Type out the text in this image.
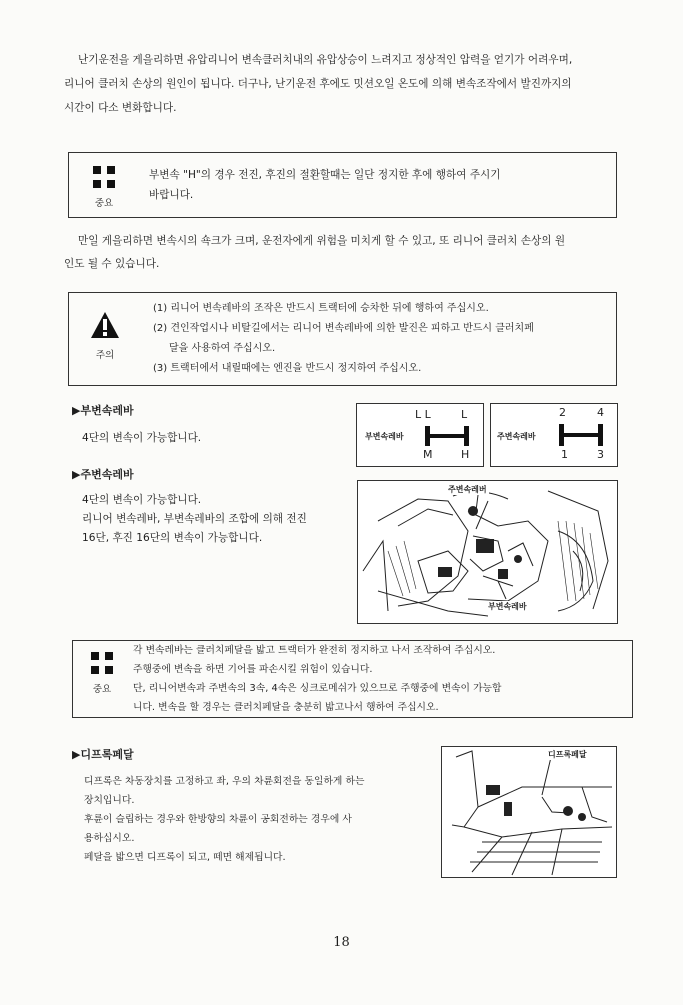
난기운전을 게을리하면 유압리니어 변속클러치내의 유압상승이 느려지고 정상적인 압력을 얻기가 어려우며,

리니어 클러치 손상의 원인이 됩니다. 더구나, 난기운전 후에도 밋션오일 온도에 의해 변속조작에서 발진까지의

시간이 다소 변화합니다.

중요

부변속 "H"의 경우 전진, 후진의 절환할때는 일단 정지한 후에 행하여 주시기

바랍니다.

만일 게을리하면 변속시의 쇽크가 크며, 운전자에게 위험을 미치게 할 수 있고, 또 리니어 클러치 손상의 원

인도 될 수 있습니다.

주의

(1) 리니어 변속레바의 조작은 반드시 트랙터에 승차한 뒤에 행하여 주십시오.

(2) 견인작업시나 비탈길에서는 리니어 변속레바에 의한 발진은 피하고 반드시 클러치페

달을 사용하여 주십시오.

(3) 트랙터에서 내릴때에는 엔진을 반드시 정지하여 주십시오.

▶부변속레바

4단의 변속이 가능합니다.

L L	L
부변속레바
M	H
2	4
주변속레바
1	3
▶주변속레바

4단의 변속이 가능합니다.

리니어 변속레바, 부변속레바의 조합에 의해 전진

16단, 후진 16단의 변속이 가능합니다.

주변속레버
부변속레바
중요

각 변속레바는 클러치페달을 밟고 트랙터가 완전히 정지하고 나서 조작하여 주십시오.

주행중에 변속을 하면 기어를 파손시킬 위험이 있습니다.

단, 리니어변속과 주변속의 3속, 4속은 싱크로메쉬가 있으므로 주행중에 변속이 가능합

니다. 변속을 할 경우는 클러치페달을 충분히 밟고나서 행하여 주십시오.

▶디프록페달

디프록은 차동장치를 고정하고 좌, 우의 차륜회전을 동일하게 하는

장치입니다.

후륜이 슬립하는 경우와 한방향의 차륜이 공회전하는 경우에 사

용하십시오.

페달을 밟으면 디프록이 되고, 떼면 해제됩니다.

디프록페달
18
